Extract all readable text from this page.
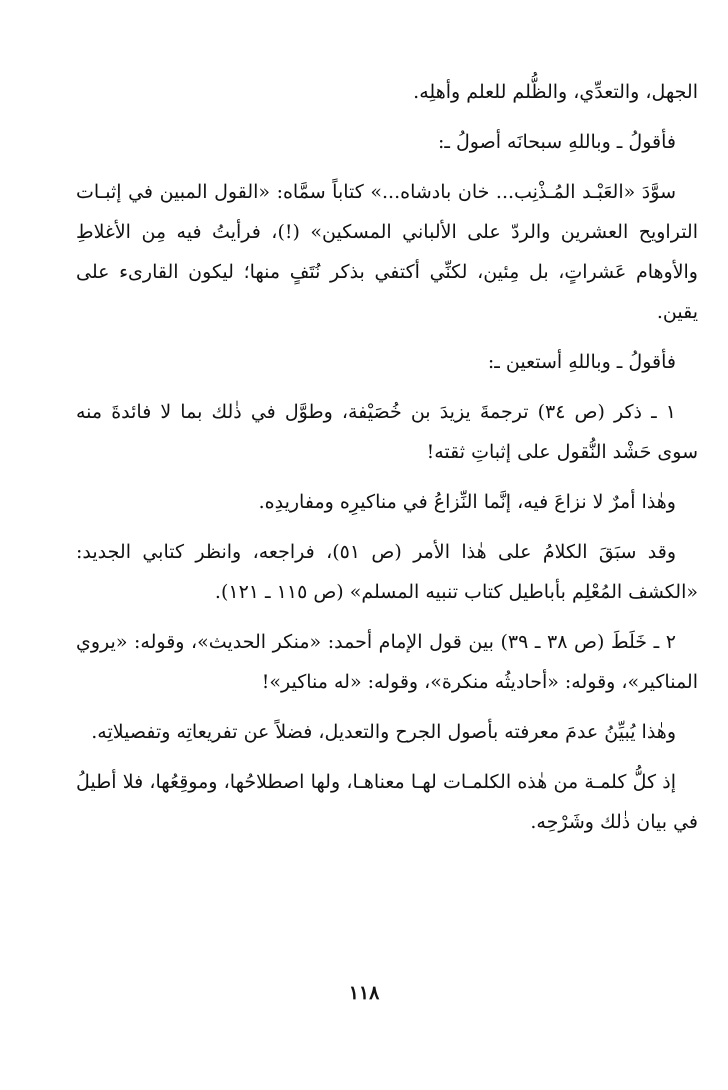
الجهل، والتعدِّي، والظُّلم للعلم وأهلِه.

فأقولُ ـ وباللهِ سبحانَه أصولُ ـ:

سوَّدَ «العَبْـد المُـذْنِب... خان بادشاه...» كتاباً سمَّاه: «القول المبين في إثبـات التراويح العشرين والردّ على الألباني المسكين» (!)، فرأيتُ فيه مِن الأغلاطِ والأوهام عَشراتٍ، بل مِئين، لكنِّي أكتفي بذكر نُتَفٍ منها؛ ليكون القارىء على يقين.

فأقولُ ـ وباللهِ أستعين ـ:

١ ـ ذكر (ص ٣٤) ترجمةَ يزيدَ بن خُصَيْفة، وطوَّل في ذٰلك بما لا فائدةَ منه سوى حَشْد النُّقول على إثباتِ ثقته!

وهٰذا أمرٌ لا نزاعَ فيه، إنَّما النِّزاعُ في مناكيرِه ومفاريدِه.

وقد سبَقَ الكلامُ على هٰذا الأمر (ص ٥١)، فراجعه، وانظر كتابي الجديد: «الكشف المُعْلِم بأباطيل كتاب تنبيه المسلم» (ص ١١٥ ـ ١٢١).

٢ ـ خَلَطَ (ص ٣٨ ـ ٣٩) بين قول الإمام أحمد: «منكر الحديث»، وقوله: «يروي المناكير»، وقوله: «أحاديثُه منكرة»، وقوله: «له مناكير»!

وهٰذا يُبيِّنُ عدمَ معرفته بأصول الجرح والتعديل، فضلاً عن تفريعاتِه وتفصيلاتِه.

إذ كلُّ كلمـة من هٰذه الكلمـات لهـا معناهـا، ولها اصطلاحُها، وموقِعُها، فلا أطيلُ في بيان ذٰلك وشَرْحِه.

١١٨
